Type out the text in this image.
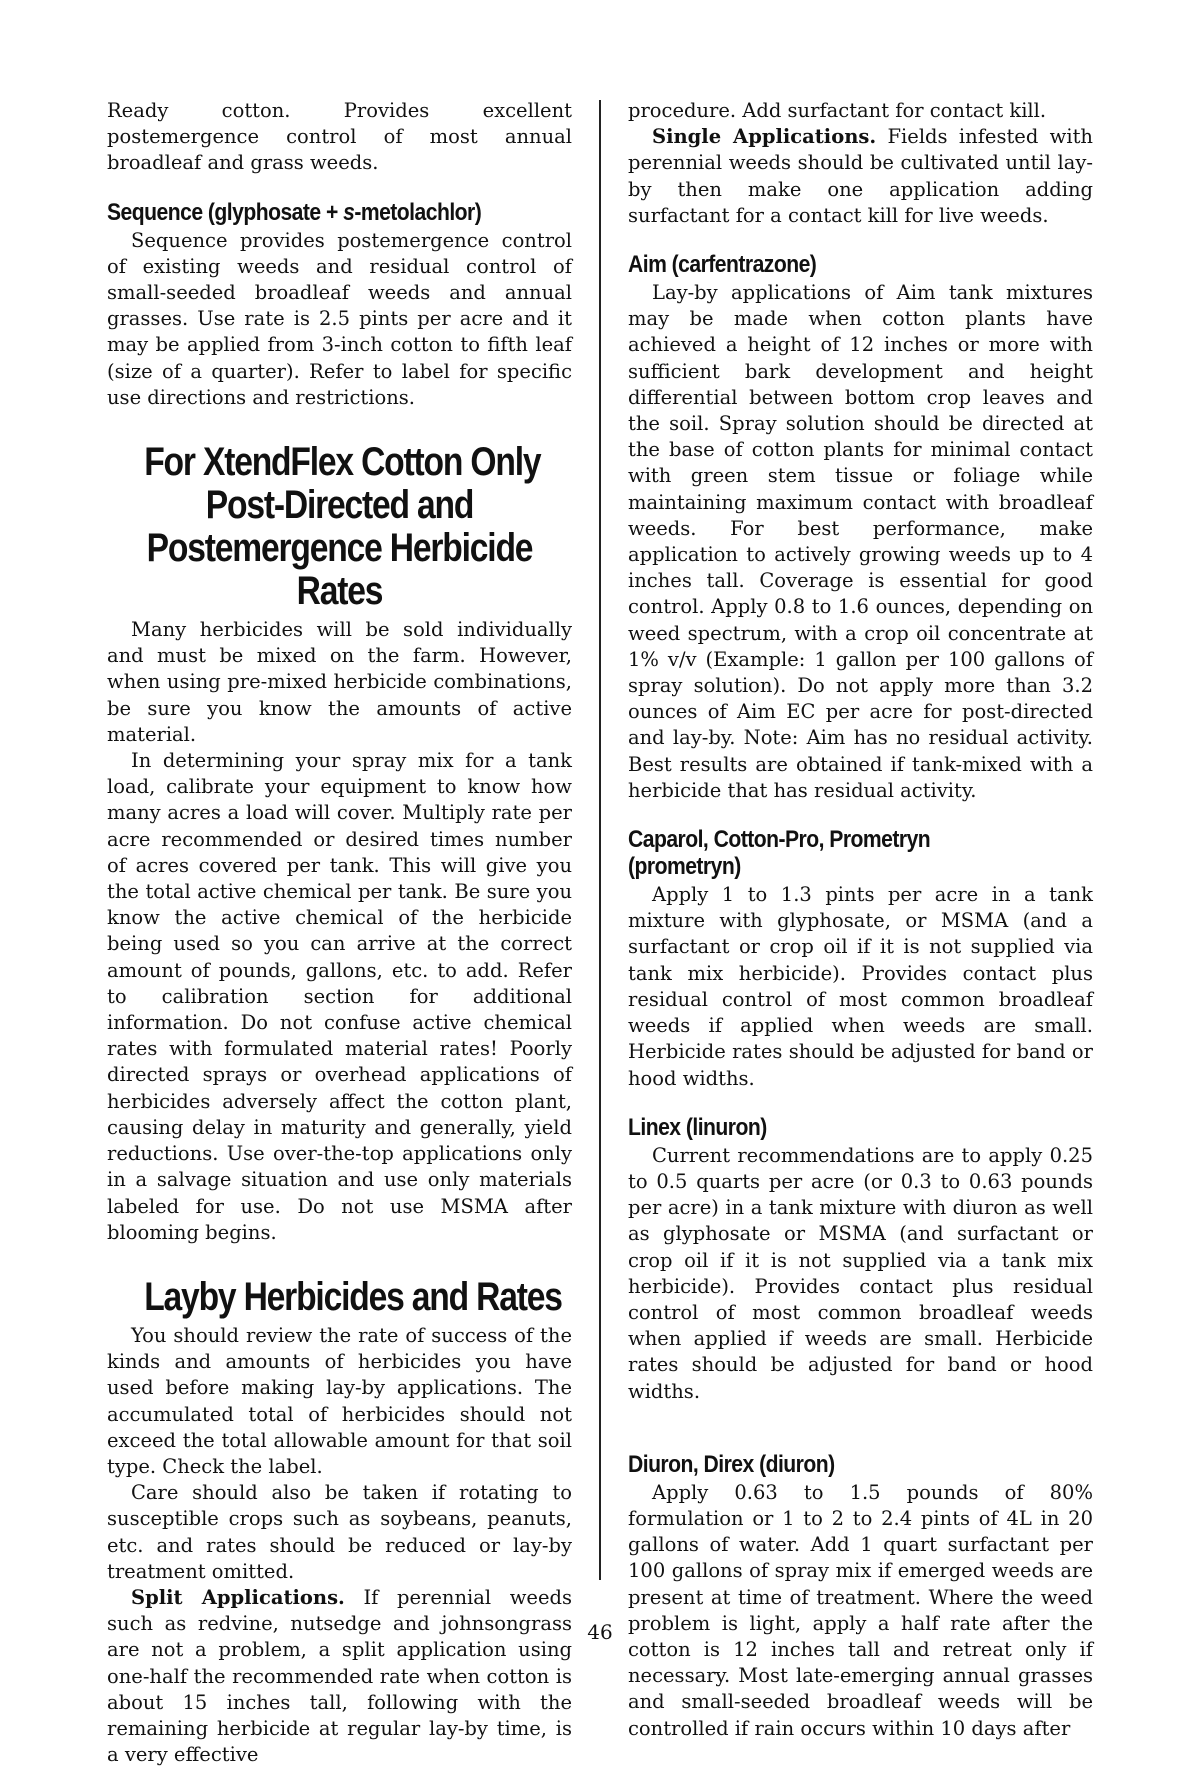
Ready cotton. Provides excellent postemergence control of most annual broadleaf and grass weeds.

Sequence (glyphosate + s-metolachlor)

Sequence provides postemergence control of existing weeds and residual control of small-seeded broadleaf weeds and annual grasses. Use rate is 2.5 pints per acre and it may be applied from 3-inch cotton to fifth leaf (size of a quarter). Refer to label for specific use directions and restrictions.

For XtendFlex Cotton Only
Post-Directed and
Postemergence Herbicide
Rates

Many herbicides will be sold individually and must be mixed on the farm. However, when using pre-mixed herbicide combinations, be sure you know the amounts of active material.

In determining your spray mix for a tank load, calibrate your equipment to know how many acres a load will cover. Multiply rate per acre recommended or desired times number of acres covered per tank. This will give you the total active chemical per tank. Be sure you know the active chemical of the herbicide being used so you can arrive at the correct amount of pounds, gallons, etc. to add. Refer to calibration section for additional information. Do not confuse active chemical rates with formulated material rates! Poorly directed sprays or overhead applications of herbicides adversely affect the cotton plant, causing delay in maturity and generally, yield reductions. Use over-the-top applications only in a salvage situation and use only materials labeled for use. Do not use MSMA after blooming begins.

Layby Herbicides and Rates

You should review the rate of success of the kinds and amounts of herbicides you have used before making lay-by applications. The accumulated total of herbicides should not exceed the total allowable amount for that soil type. Check the label.

Care should also be taken if rotating to susceptible crops such as soybeans, peanuts, etc. and rates should be reduced or lay-by treatment omitted.

Split Applications. If perennial weeds such as redvine, nutsedge and johnsongrass are not a problem, a split application using one-half the recommended rate when cotton is about 15 inches tall, following with the remaining herbicide at regular lay-by time, is a very effective

procedure. Add surfactant for contact kill.

Single Applications. Fields infested with perennial weeds should be cultivated until lay-by then make one application adding surfactant for a contact kill for live weeds.

Aim (carfentrazone)

Lay-by applications of Aim tank mixtures may be made when cotton plants have achieved a height of 12 inches or more with sufficient bark development and height differential between bottom crop leaves and the soil. Spray solution should be directed at the base of cotton plants for minimal contact with green stem tissue or foliage while maintaining maximum contact with broadleaf weeds. For best performance, make application to actively growing weeds up to 4 inches tall. Coverage is essential for good control. Apply 0.8 to 1.6 ounces, depending on weed spectrum, with a crop oil concentrate at 1% v/v (Example: 1 gallon per 100 gallons of spray solution). Do not apply more than 3.2 ounces of Aim EC per acre for post-directed and lay-by. Note: Aim has no residual activity. Best results are obtained if tank-mixed with a herbicide that has residual activity.

Caparol, Cotton-Pro, Prometryn
(prometryn)

Apply 1 to 1.3 pints per acre in a tank mixture with glyphosate, or MSMA (and a surfactant or crop oil if it is not supplied via tank mix herbicide). Provides contact plus residual control of most common broadleaf weeds if applied when weeds are small. Herbicide rates should be adjusted for band or hood widths.

Linex (linuron)

Current recommendations are to apply 0.25 to 0.5 quarts per acre (or 0.3 to 0.63 pounds per acre) in a tank mixture with diuron as well as glyphosate or MSMA (and surfactant or crop oil if it is not supplied via a tank mix herbicide). Provides contact plus residual control of most common broadleaf weeds when applied if weeds are small. Herbicide rates should be adjusted for band or hood widths.

Diuron, Direx (diuron)

Apply 0.63 to 1.5 pounds of 80% formulation or 1 to 2 to 2.4 pints of 4L in 20 gallons of water. Add 1 quart surfactant per 100 gallons of spray mix if emerged weeds are present at time of treatment. Where the weed problem is light, apply a half rate after the cotton is 12 inches tall and retreat only if necessary. Most late-emerging annual grasses and small-seeded broadleaf weeds will be controlled if rain occurs within 10 days after

46
